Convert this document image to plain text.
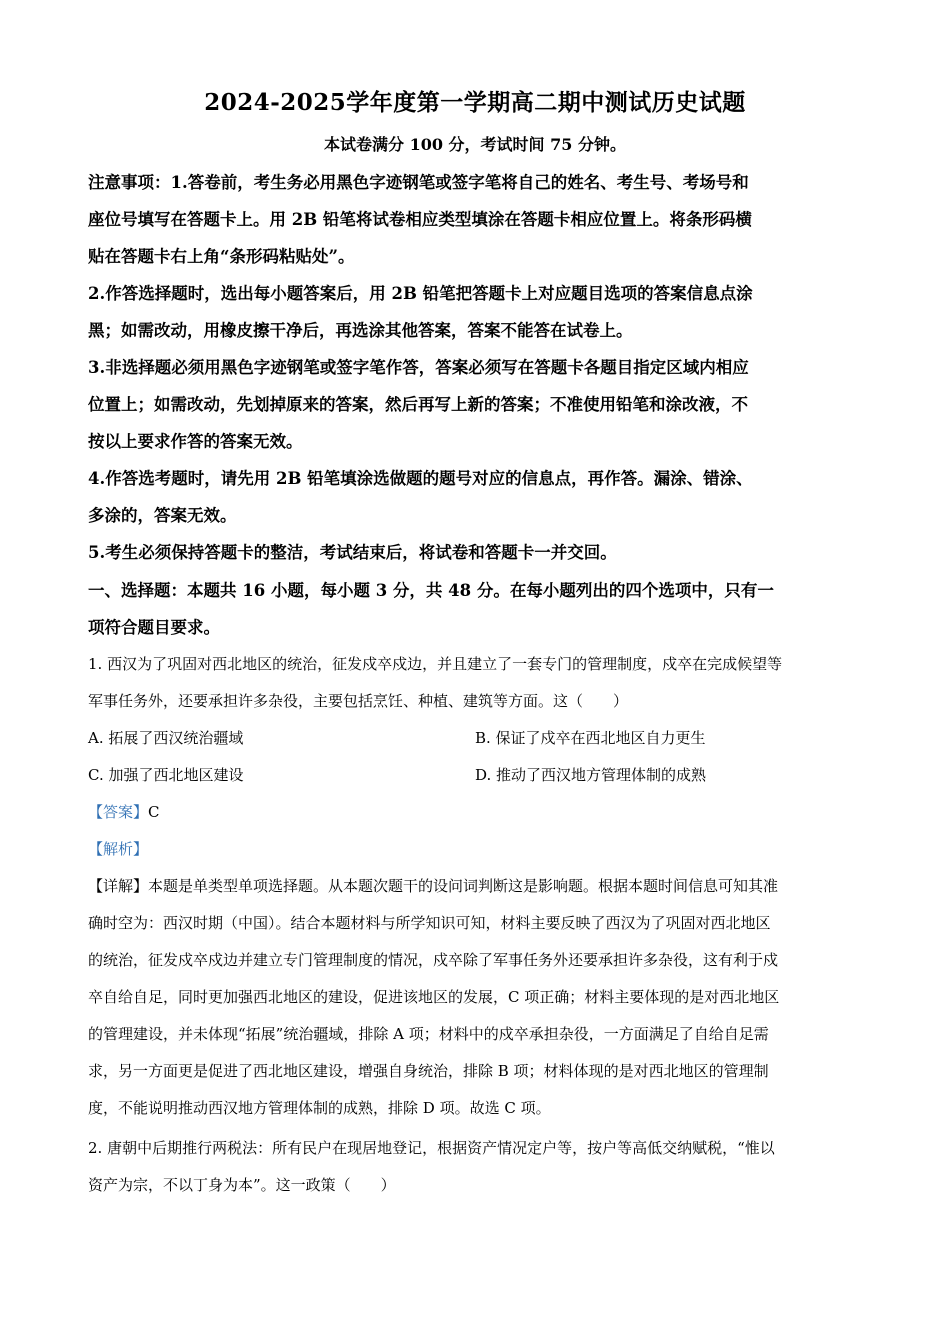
2024-2025学年度第一学期高二期中测试历史试题
本试卷满分 100 分，考试时间 75 分钟。

注意事项：1.答卷前，考生务必用黑色字迹钢笔或签字笔将自己的姓名、考生号、考场号和

座位号填写在答题卡上。用 2B 铅笔将试卷相应类型填涂在答题卡相应位置上。将条形码横

贴在答题卡右上角“条形码粘贴处”。

2.作答选择题时，选出每小题答案后，用 2B 铅笔把答题卡上对应题目选项的答案信息点涂

黑；如需改动，用橡皮擦干净后，再选涂其他答案，答案不能答在试卷上。

3.非选择题必须用黑色字迹钢笔或签字笔作答，答案必须写在答题卡各题目指定区域内相应

位置上；如需改动，先划掉原来的答案，然后再写上新的答案；不准使用铅笔和涂改液，不

按以上要求作答的答案无效。

4.作答选考题时，请先用 2B 铅笔填涂选做题的题号对应的信息点，再作答。漏涂、错涂、

多涂的，答案无效。

5.考生必须保持答题卡的整洁，考试结束后，将试卷和答题卡一并交回。

一、选择题：本题共 16 小题，每小题 3 分，共 48 分。在每小题列出的四个选项中，只有一

项符合题目要求。

1. 西汉为了巩固对西北地区的统治，征发戍卒戍边，并且建立了一套专门的管理制度，戍卒在完成候望等

军事任务外，还要承担许多杂役，主要包括烹饪、种植、建筑等方面。这（　　）

A. 拓展了西汉统治疆域	B. 保证了戍卒在西北地区自力更生
C. 加强了西北地区建设	D. 推动了西汉地方管理体制的成熟
【答案】C
【解析】

【详解】本题是单类型单项选择题。从本题次题干的设问词判断这是影响题。根据本题时间信息可知其准

确时空为：西汉时期（中国）。结合本题材料与所学知识可知，材料主要反映了西汉为了巩固对西北地区

的统治，征发戍卒戍边并建立专门管理制度的情况，戍卒除了军事任务外还要承担许多杂役，这有利于戍

卒自给自足，同时更加强西北地区的建设，促进该地区的发展，C 项正确；材料主要体现的是对西北地区

的管理建设，并未体现“拓展”统治疆域，排除 A 项；材料中的戍卒承担杂役，一方面满足了自给自足需

求，另一方面更是促进了西北地区建设，增强自身统治，排除 B 项；材料体现的是对西北地区的管理制

度，不能说明推动西汉地方管理体制的成熟，排除 D 项。故选 C 项。

2. 唐朝中后期推行两税法：所有民户在现居地登记，根据资产情况定户等，按户等高低交纳赋税，“惟以

资产为宗，不以丁身为本”。这一政策（　　）
